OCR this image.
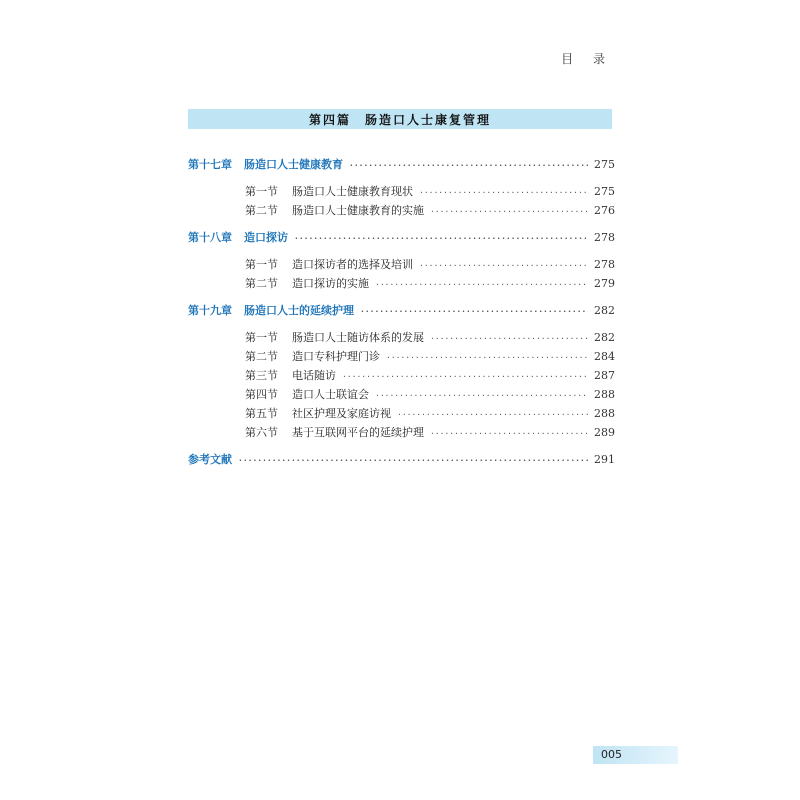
目 录
第四篇 肠造口人士康复管理
第十七章 肠造口人士健康教育 ·····	275
第一节 肠造口人士健康教育现状 ·····	275
第二节 肠造口人士健康教育的实施 ·····	276
第十八章 造口探访 ·····	278
第一节 造口探访者的选择及培训 ·····	278
第二节 造口探访的实施 ·····	279
第十九章 肠造口人士的延续护理 ·····	282
第一节 肠造口人士随访体系的发展 ·····	282
第二节 造口专科护理门诊 ·····	284
第三节 电话随访 ·····	287
第四节 造口人士联谊会 ·····	288
第五节 社区护理及家庭访视 ·····	288
第六节 基于互联网平台的延续护理 ·····	289
参考文献 ·····	291
005
